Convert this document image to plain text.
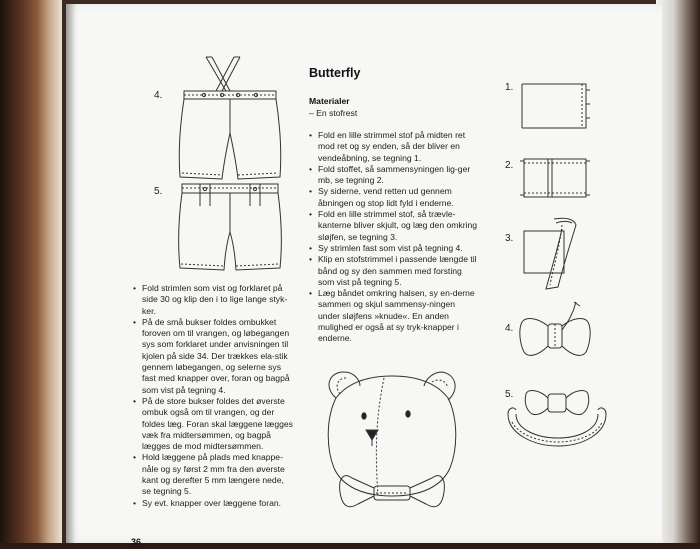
4.
5.
• Fold strimlen som vist og forklaret på side 30 og klip den i to lige lange styk-ker.
• På de små bukser foldes ombukket foroven om til vrangen, og løbegangen sys som forklaret under anvisningen til kjolen på side 34. Der trækkes ela-stik gennem løbegangen, og selerne sys fast med knapper over, foran og bagpå som vist på tegning 4.
• På de store bukser foldes det øverste ombuk også om til vrangen, og der foldes læg. Foran skal læggene lægges væk fra midtersømmen, og bagpå lægges de mod midtersømmen.
• Hold læggene på plads med knappe-nåle og sy først 2 mm fra den øverste kant og derefter 5 mm længere nede, se tegning 5.
• Sy evt. knapper over læggene foran.
36
Butterfly
Materialer
– En stofrest
• Fold en lille strimmel stof på midten ret mod ret og sy enden, så der bliver en vendeåbning, se tegning 1.
• Fold stoffet, så sammensyningen lig-ger mb, se tegning 2.
• Sy siderne, vend retten ud gennem åbningen og stop lidt fyld i enderne.
• Fold en lille strimmel stof, så trævle-kanterne bliver skjult, og læg den omkring sløjfen, se tegning 3.
• Sy strimlen fast som vist på tegning 4.
• Klip en stofstrimmel i passende længde til bånd og sy den sammen med forsting som vist på tegning 5.
• Læg båndet omkring halsen, sy en-derne sammen og skjul sammensy-ningen under sløjfens »knude«. En anden mulighed er også at sy tryk-knapper i enderne.
1.
2.
3.
4.
5.
